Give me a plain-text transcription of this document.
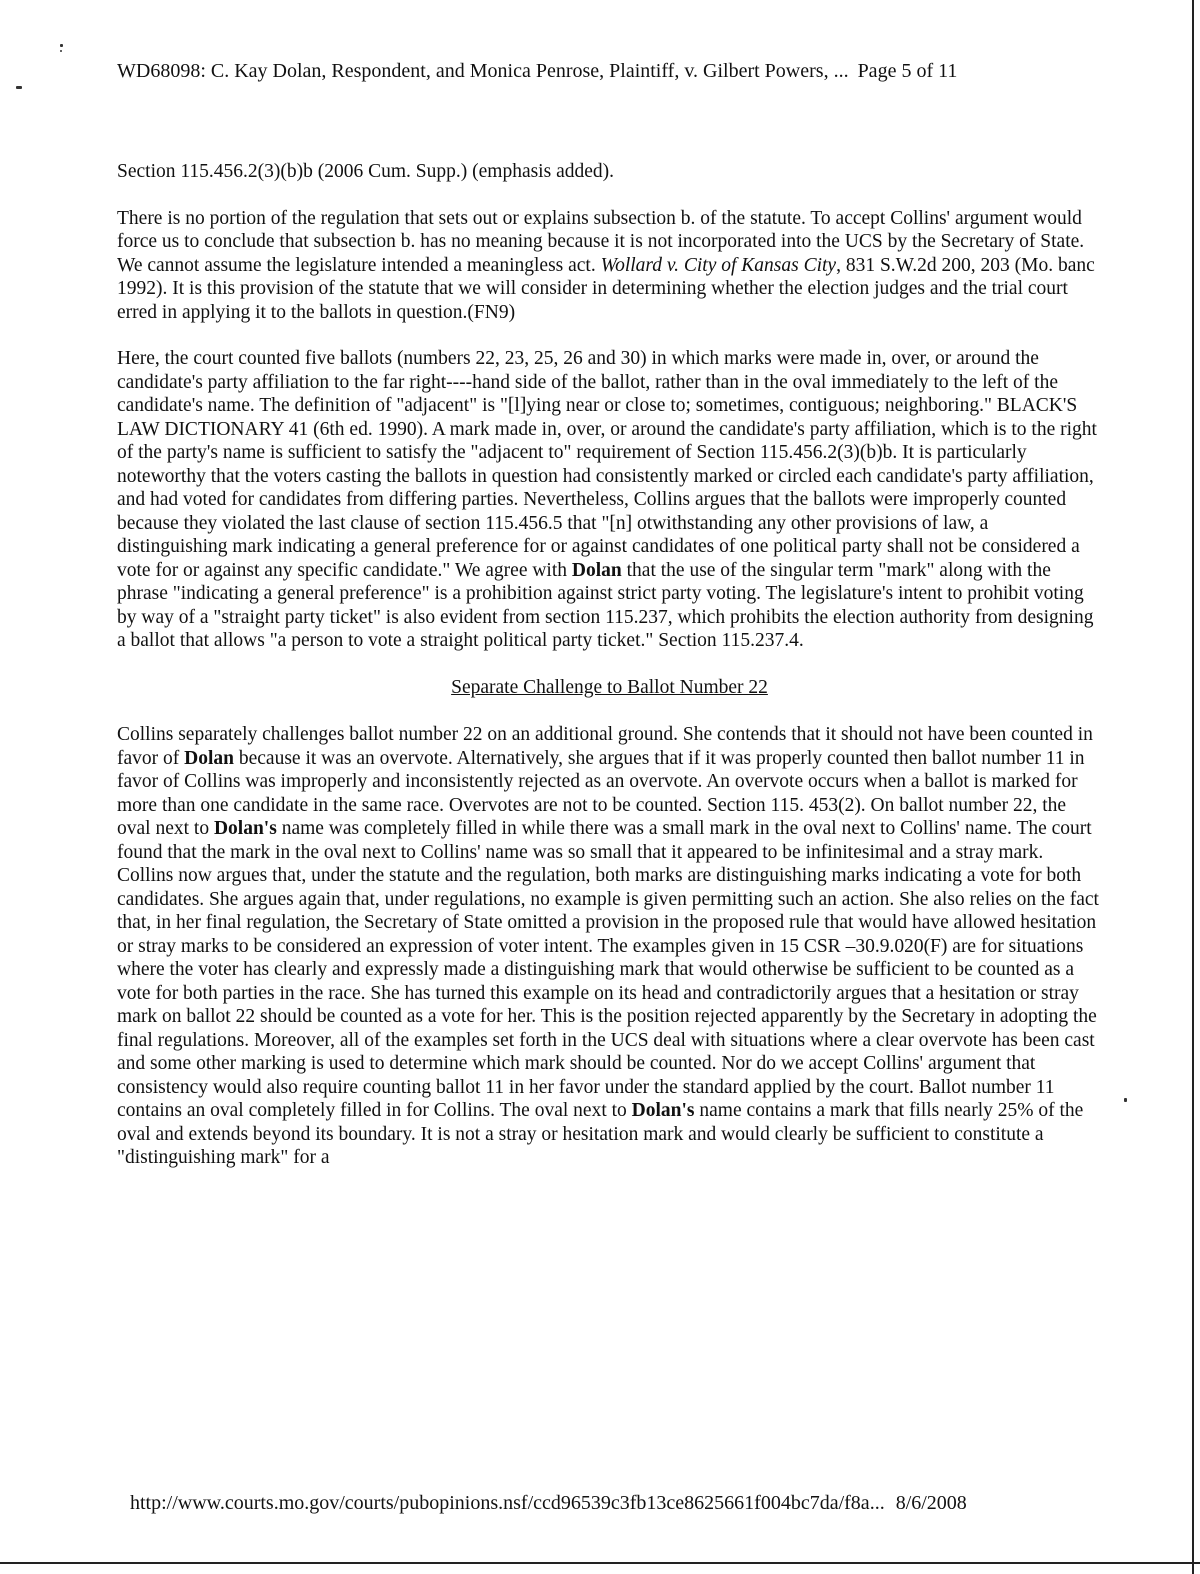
WD68098: C. Kay Dolan, Respondent, and Monica Penrose, Plaintiff, v. Gilbert Powers, ... Page 5 of 11

Section 115.456.2(3)(b)b (2006 Cum. Supp.) (emphasis added).

There is no portion of the regulation that sets out or explains subsection b. of the statute. To accept Collins' argument would force us to conclude that subsection b. has no meaning because it is not incorporated into the UCS by the Secretary of State. We cannot assume the legislature intended a meaningless act. Wollard v. City of Kansas City, 831 S.W.2d 200, 203 (Mo. banc 1992). It is this provision of the statute that we will consider in determining whether the election judges and the trial court erred in applying it to the ballots in question.(FN9)

Here, the court counted five ballots (numbers 22, 23, 25, 26 and 30) in which marks were made in, over, or around the candidate's party affiliation to the far right----hand side of the ballot, rather than in the oval immediately to the left of the candidate's name. The definition of "adjacent" is "[l]ying near or close to; sometimes, contiguous; neighboring." BLACK'S LAW DICTIONARY 41 (6th ed. 1990). A mark made in, over, or around the candidate's party affiliation, which is to the right of the party's name is sufficient to satisfy the "adjacent to" requirement of Section 115.456.2(3)(b)b. It is particularly noteworthy that the voters casting the ballots in question had consistently marked or circled each candidate's party affiliation, and had voted for candidates from differing parties. Nevertheless, Collins argues that the ballots were improperly counted because they violated the last clause of section 115.456.5 that "[n] otwithstanding any other provisions of law, a distinguishing mark indicating a general preference for or against candidates of one political party shall not be considered a vote for or against any specific candidate." We agree with Dolan that the use of the singular term "mark" along with the phrase "indicating a general preference" is a prohibition against strict party voting. The legislature's intent to prohibit voting by way of a "straight party ticket" is also evident from section 115.237, which prohibits the election authority from designing a ballot that allows "a person to vote a straight political party ticket." Section 115.237.4.

Separate Challenge to Ballot Number 22

Collins separately challenges ballot number 22 on an additional ground. She contends that it should not have been counted in favor of Dolan because it was an overvote. Alternatively, she argues that if it was properly counted then ballot number 11 in favor of Collins was improperly and inconsistently rejected as an overvote. An overvote occurs when a ballot is marked for more than one candidate in the same race. Overvotes are not to be counted. Section 115. 453(2). On ballot number 22, the oval next to Dolan's name was completely filled in while there was a small mark in the oval next to Collins' name. The court found that the mark in the oval next to Collins' name was so small that it appeared to be infinitesimal and a stray mark. Collins now argues that, under the statute and the regulation, both marks are distinguishing marks indicating a vote for both candidates. She argues again that, under regulations, no example is given permitting such an action. She also relies on the fact that, in her final regulation, the Secretary of State omitted a provision in the proposed rule that would have allowed hesitation or stray marks to be considered an expression of voter intent. The examples given in 15 CSR –30.9.020(F) are for situations where the voter has clearly and expressly made a distinguishing mark that would otherwise be sufficient to be counted as a vote for both parties in the race. She has turned this example on its head and contradictorily argues that a hesitation or stray mark on ballot 22 should be counted as a vote for her. This is the position rejected apparently by the Secretary in adopting the final regulations. Moreover, all of the examples set forth in the UCS deal with situations where a clear overvote has been cast and some other marking is used to determine which mark should be counted. Nor do we accept Collins' argument that consistency would also require counting ballot 11 in her favor under the standard applied by the court. Ballot number 11 contains an oval completely filled in for Collins. The oval next to Dolan's name contains a mark that fills nearly 25% of the oval and extends beyond its boundary. It is not a stray or hesitation mark and would clearly be sufficient to constitute a "distinguishing mark" for a

http://www.courts.mo.gov/courts/pubopinions.nsf/ccd96539c3fb13ce8625661f004bc7da/f8a... 8/6/2008
